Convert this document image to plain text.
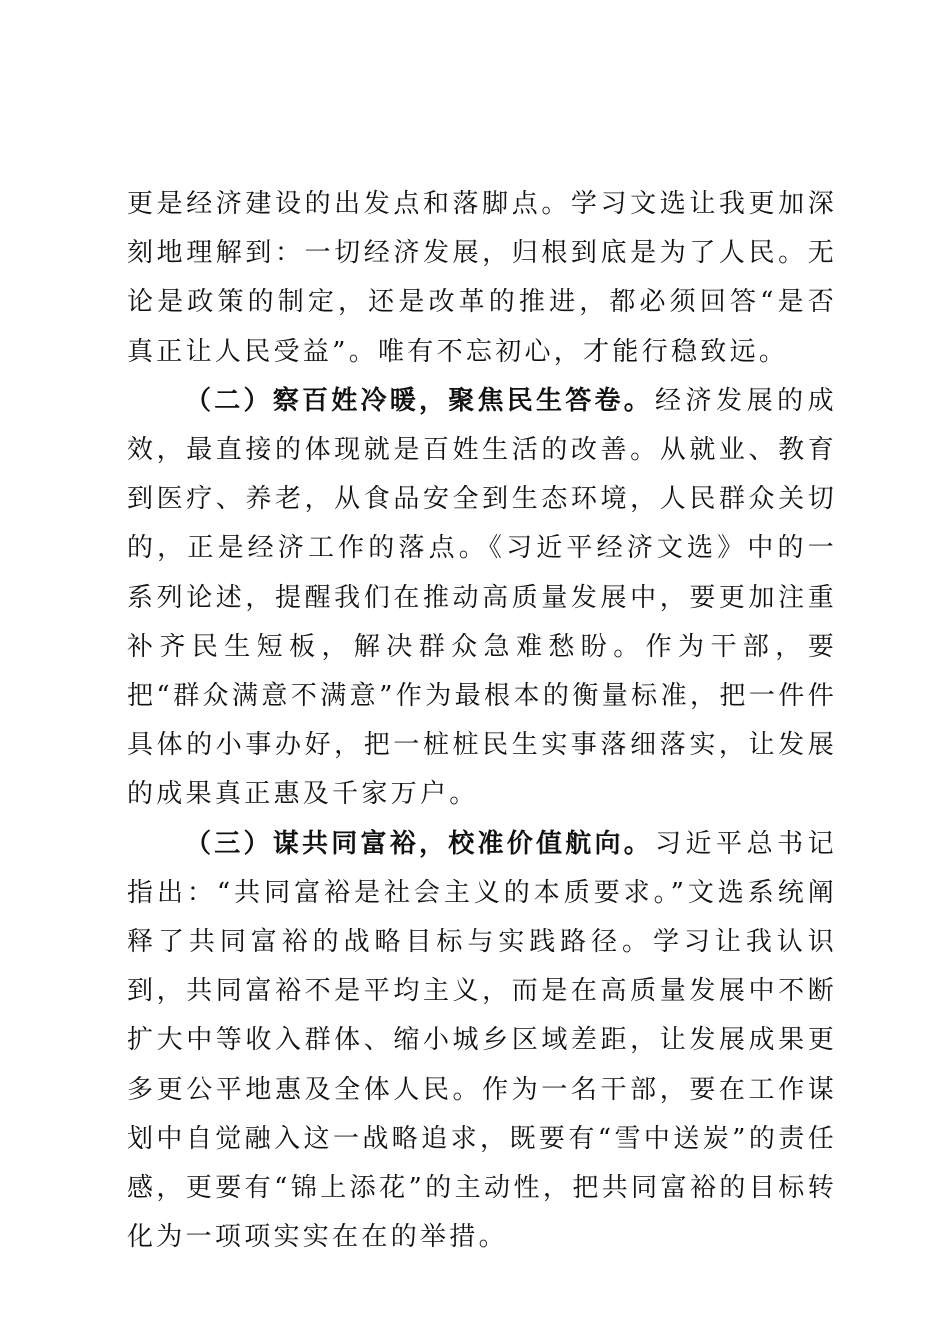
更是经济建设的出发点和落脚点。学习文选让我更加深刻地理解到：一切经济发展，归根到底是为了人民。无论是政策的制定，还是改革的推进，都必须回答“是否真正让人民受益”。唯有不忘初心，才能行稳致远。

（二）察百姓冷暖，聚焦民生答卷。经济发展的成效，最直接的体现就是百姓生活的改善。从就业、教育到医疗、养老，从食品安全到生态环境，人民群众关切的，正是经济工作的落点。《习近平经济文选》中的一系列论述，提醒我们在推动高质量发展中，要更加注重补齐民生短板，解决群众急难愁盼。作为干部，要把“群众满意不满意”作为最根本的衡量标准，把一件件具体的小事办好，把一桩桩民生实事落细落实，让发展的成果真正惠及千家万户。

（三）谋共同富裕，校准价值航向。习近平总书记指出：“共同富裕是社会主义的本质要求。”文选系统阐释了共同富裕的战略目标与实践路径。学习让我认识到，共同富裕不是平均主义，而是在高质量发展中不断扩大中等收入群体、缩小城乡区域差距，让发展成果更多更公平地惠及全体人民。作为一名干部，要在工作谋划中自觉融入这一战略追求，既要有“雪中送炭”的责任感，更要有“锦上添花”的主动性，把共同富裕的目标转化为一项项实实在在的举措。
